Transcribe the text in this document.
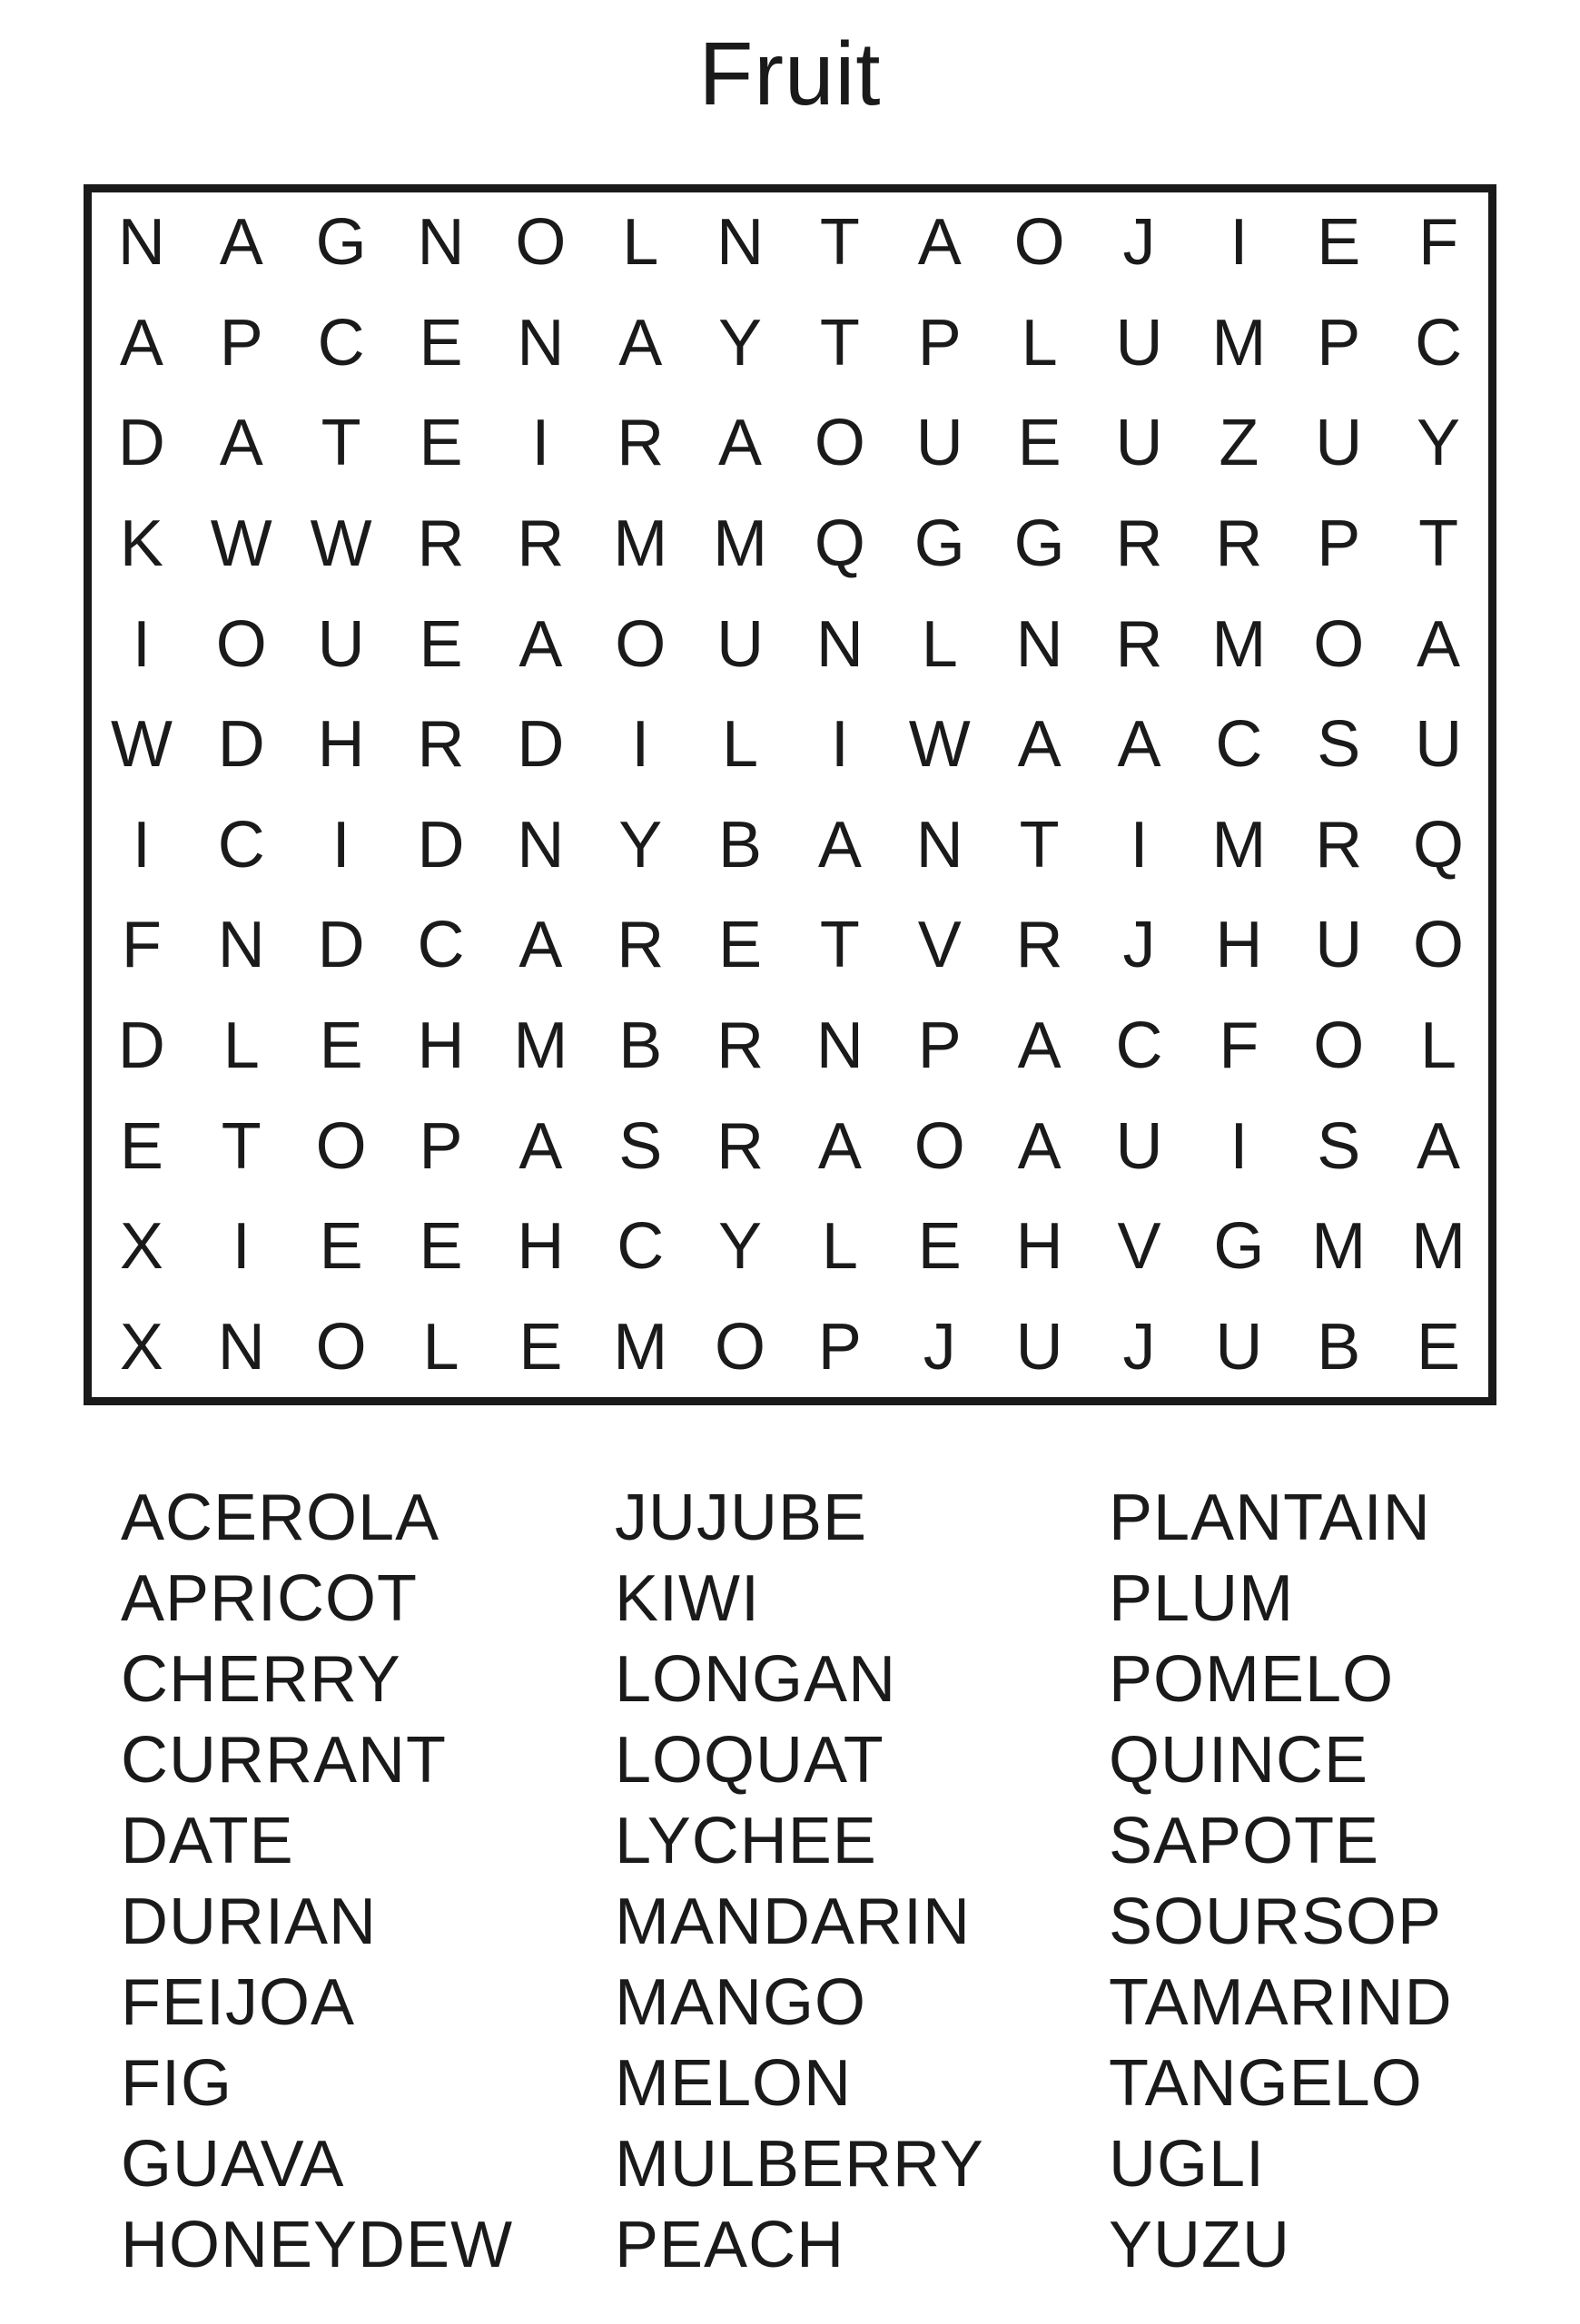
Fruit
N A G N O L N T A O J	I	E F
A P C E N A Y T P L U M P C
D A T E	I	R A O U E U Z U Y
K W W R R M M Q G G R R P T
I O U E A O U N L N R M O A
W D H R D	I	L	I W A A C S U
I	C	I	D N Y B A N T	I M R Q
F N D C A R E T V R J H U O
D L E H M B R N P A C F O L
E T O P A S R A O A U	I	S A
X	I	E E H C Y L E H V G M M
X N O L E M O P J U J U B E
ACEROLA
APRICOT
CHERRY
CURRANT
DATE
DURIAN
FEIJOA
FIG
GUAVA
HONEYDEW
JUJUBE
KIWI
LONGAN
LOQUAT
LYCHEE
MANDARIN
MANGO
MELON
MULBERRY
PEACH
PLANTAIN
PLUM
POMELO
QUINCE
SAPOTE
SOURSOP
TAMARIND
TANGELO
UGLI
YUZU
